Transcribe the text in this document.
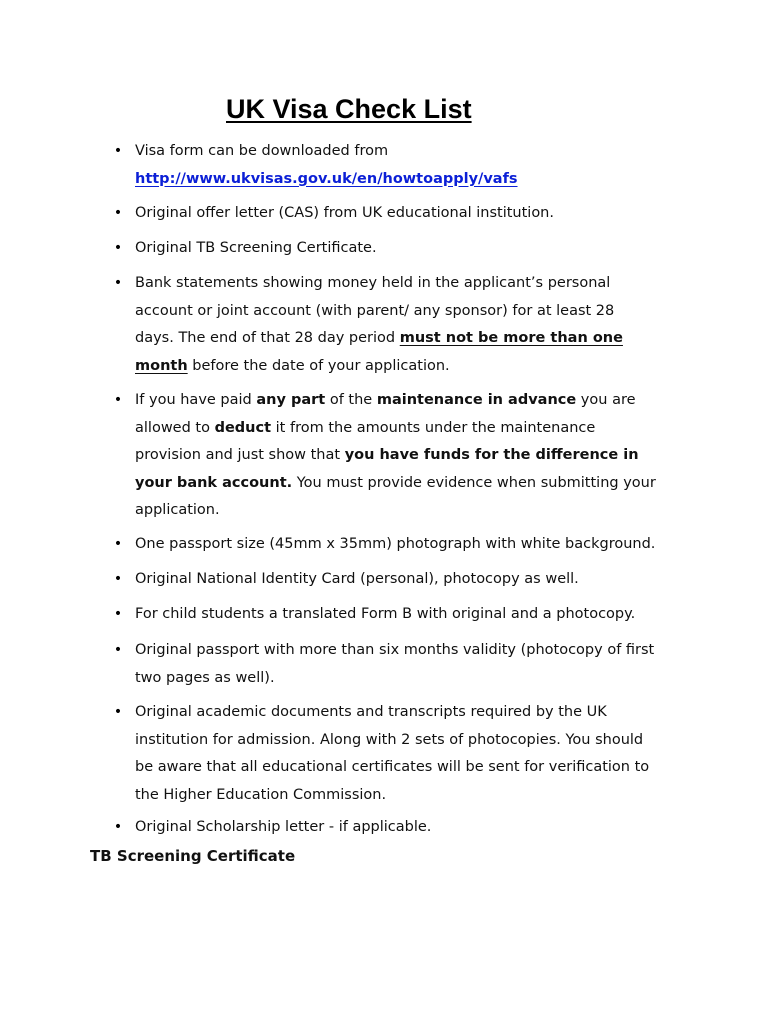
UK Visa Check List
• Visa form can be downloaded from
http://www.ukvisas.gov.uk/en/howtoapply/vafs
• Original offer letter (CAS) from UK educational institution.
• Original TB Screening Certificate.
• Bank statements showing money held in the applicant’s personal
account or joint account (with parent/ any sponsor) for at least 28
days. The end of that 28 day period must not be more than one
month before the date of your application.
• If you have paid any part of the maintenance in advance you are
allowed to deduct it from the amounts under the maintenance
provision and just show that you have funds for the difference in
your bank account. You must provide evidence when submitting your
application.
• One passport size (45mm x 35mm) photograph with white background.
• Original National Identity Card (personal), photocopy as well.
• For child students a translated Form B with original and a photocopy.
• Original passport with more than six months validity (photocopy of first
two pages as well).
• Original academic documents and transcripts required by the UK
institution for admission. Along with 2 sets of photocopies. You should
be aware that all educational certificates will be sent for verification to
the Higher Education Commission.
• Original Scholarship letter - if applicable.
TB Screening Certificate
